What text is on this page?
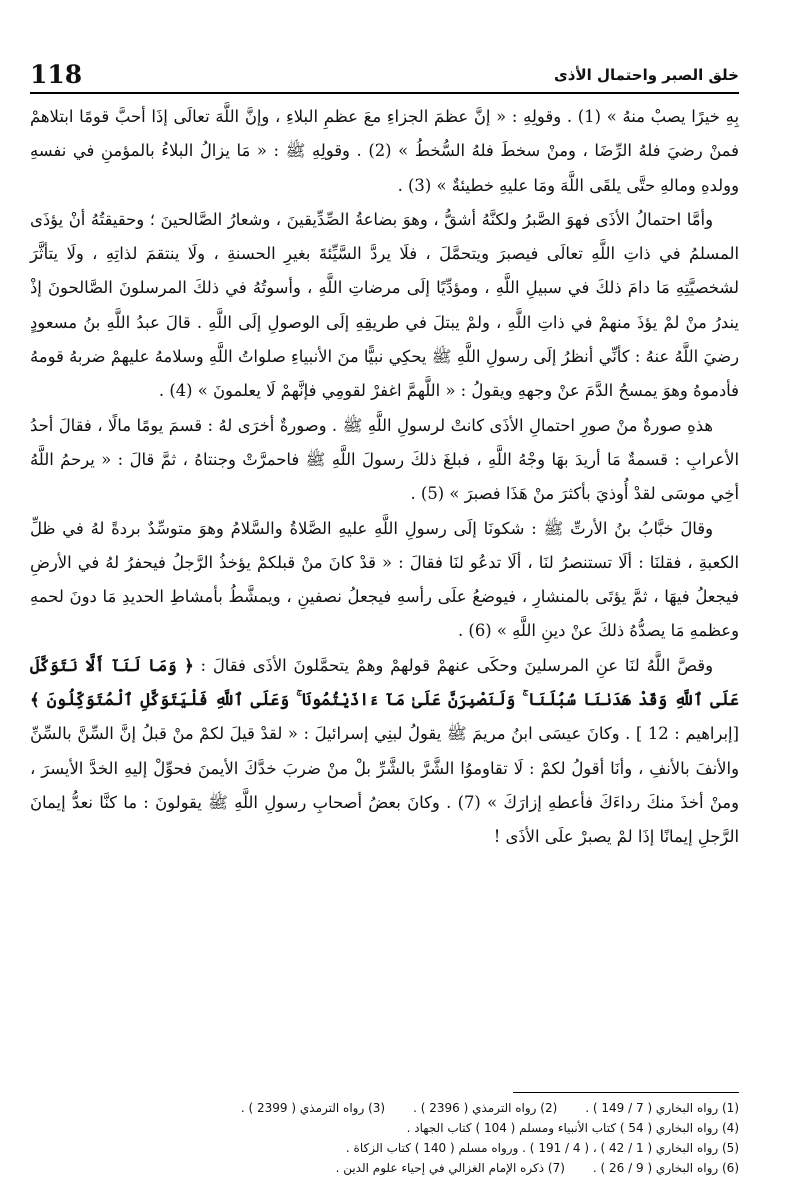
118	خلق الصبر واحتمال الأذى

بِهِ خيرًا يصبْ منهُ » (1) . وقولِهِ : « إنَّ عظمَ الجزاءِ معَ عظمِ البلاءِ ، وإنَّ اللَّهَ تعالَى إذَا أحبَّ قومًا ابتلاهمْ فمنْ رضيَ فلهُ الرِّضَا ، ومنْ سخطَ فلهُ السُّخطُ » (2) . وقولِهِ ﷺ : « مَا يزالُ البلاءُ بالمؤمنِ في نفسهِ وولدهِ ومالهِ حتَّى يلقَى اللَّهَ ومَا عليهِ خطيئةٌ » (3) .

وأمَّا احتمالُ الأذَى فهوَ الصَّبرُ ولكنَّهُ أشقُّ ، وهوَ بضاعةُ الصِّدِّيقينَ ، وشعارُ الصَّالحينَ ؛ وحقيقتُهُ أنْ يؤذَى المسلمُ في ذاتِ اللَّهِ تعالَى فيصبرَ ويتحمَّلَ ، فلَا يردَّ السَّيِّئةَ بغيرِ الحسنةِ ، ولَا ينتقمَ لذاتِهِ ، ولَا يتأثَّرَ لشخصيَّتِهِ مَا دامَ ذلكَ في سبيلِ اللَّهِ ، ومؤدِّيًا إلَى مرضاتِ اللَّهِ ، وأسوتُهُ في ذلكَ المرسلونَ الصَّالحونَ إذْ يندرُ منْ لمْ يؤذَ منهمْ في ذاتِ اللَّهِ ، ولمْ يبتلَ في طريقِهِ إلَى الوصولِ إلَى اللَّهِ . قالَ عبدُ اللَّهِ بنُ مسعودٍ رضيَ اللَّهُ عنهُ : كأنِّي أنظرُ إلَى رسولِ اللَّهِ ﷺ يحكِي نبيًّا منَ الأنبياءِ صلواتُ اللَّهِ وسلامهُ عليهمْ ضربهُ قومهُ فأدموهُ وهوَ يمسحُ الدَّمَ عنْ وجههِ ويقولُ : « اللَّهمَّ اغفرْ لقومِي فإنَّهمْ لَا يعلمونَ » (4) .

هذهِ صورةٌ منْ صورِ احتمالِ الأذَى كانتْ لرسولِ اللَّهِ ﷺ . وصورةٌ أخرَى لهُ : قسمَ يومًا مالًا ، فقالَ أحدُ الأعرابِ : قسمةٌ مَا أريدَ بهَا وجْهُ اللَّهِ ، فبلغَ ذلكَ رسولَ اللَّهِ ﷺ فاحمرَّتْ وجنتاهُ ، ثمَّ قالَ : « يرحمُ اللَّهُ أخِي موسَى لقدْ أُوذيَ بأكثرَ منْ هَذَا فصبرَ » (5) .

وقالَ خبَّابُ بنُ الأرتِّ ﷺ : شكونَا إلَى رسولِ اللَّهِ عليهِ الصَّلاةُ والسَّلامُ وهوَ متوسِّدٌ بردةً لهُ في ظلِّ الكعبةِ ، فقلنَا : ألَا تستنصرُ لنَا ، ألَا تدعُو لنَا فقالَ : « قدْ كانَ منْ قبلكمْ يؤخذُ الرَّجلُ فيحفرُ لهُ في الأرضِ فيجعلُ فيهَا ، ثمَّ يؤتَى بالمنشارِ ، فيوضعُ علَى رأسهِ فيجعلُ نصفينِ ، ويمشَّطُ بأمشاطِ الحديدِ مَا دونَ لحمهِ وعظمهِ مَا يصدُّهُ ذلكَ عنْ دينِ اللَّهِ » (6) .

وقصَّ اللَّهُ لنَا عنِ المرسلينَ وحكَى عنهمْ قولهمْ وهمْ يتحمَّلونَ الأذَى فقالَ : ﴿ وَمَا لَنَآ أَلَّا نَتَوَكَّلَ عَلَى ٱللَّهِ وَقَدْ هَدَىٰنَا سُبُلَنَا ۚ وَلَنَصْبِرَنَّ عَلَىٰ مَآ ءَاذَيْتُمُونَا ۚ وَعَلَى ٱللَّهِ فَلْيَتَوَكَّلِ ٱلْمُتَوَكِّلُونَ ﴾ [إبراهيم : 12 ] . وكانَ عيسَى ابنُ مريمَ ﷺ يقولُ لبنِي إسرائيلَ : « لقدْ قيلَ لكمْ منْ قبلُ إنَّ السِّنَّ بالسِّنِّ والأنفَ بالأنفِ ، وأنَا أقولُ لكمْ : لَا تقاوموُا الشَّرَّ بالشَّرِّ بلْ منْ ضربَ خدَّكَ الأيمنَ فحوِّلْ إليهِ الخدَّ الأيسرَ ، ومنْ أخذَ منكَ رداءَكَ فأعطهِ إزارَكَ » (7) . وكانَ بعضُ أصحابِ رسولِ اللَّهِ ﷺ يقولونَ : ما كنَّا نعدُّ إيمانَ الرَّجلِ إيمانًا إذَا لمْ يصبرْ علَى الأذَى !

(1) رواه البخاري ( 7 / 149 ) .
(2) رواه الترمذي ( 2396 ) .
(3) رواه الترمذي ( 2399 ) .
(4) رواه البخاري ( 54 ) كتاب الأنبياء ومسلم ( 104 ) كتاب الجهاد .
(5) رواه البخاري ( 1 / 42 ) ، ( 4 / 191 ) . ورواه مسلم ( 140 ) كتاب الزكاة .
(6) رواه البخاري ( 9 / 26 ) .
(7) ذكره الإمام الغزالي في إحياء علوم الدين .
